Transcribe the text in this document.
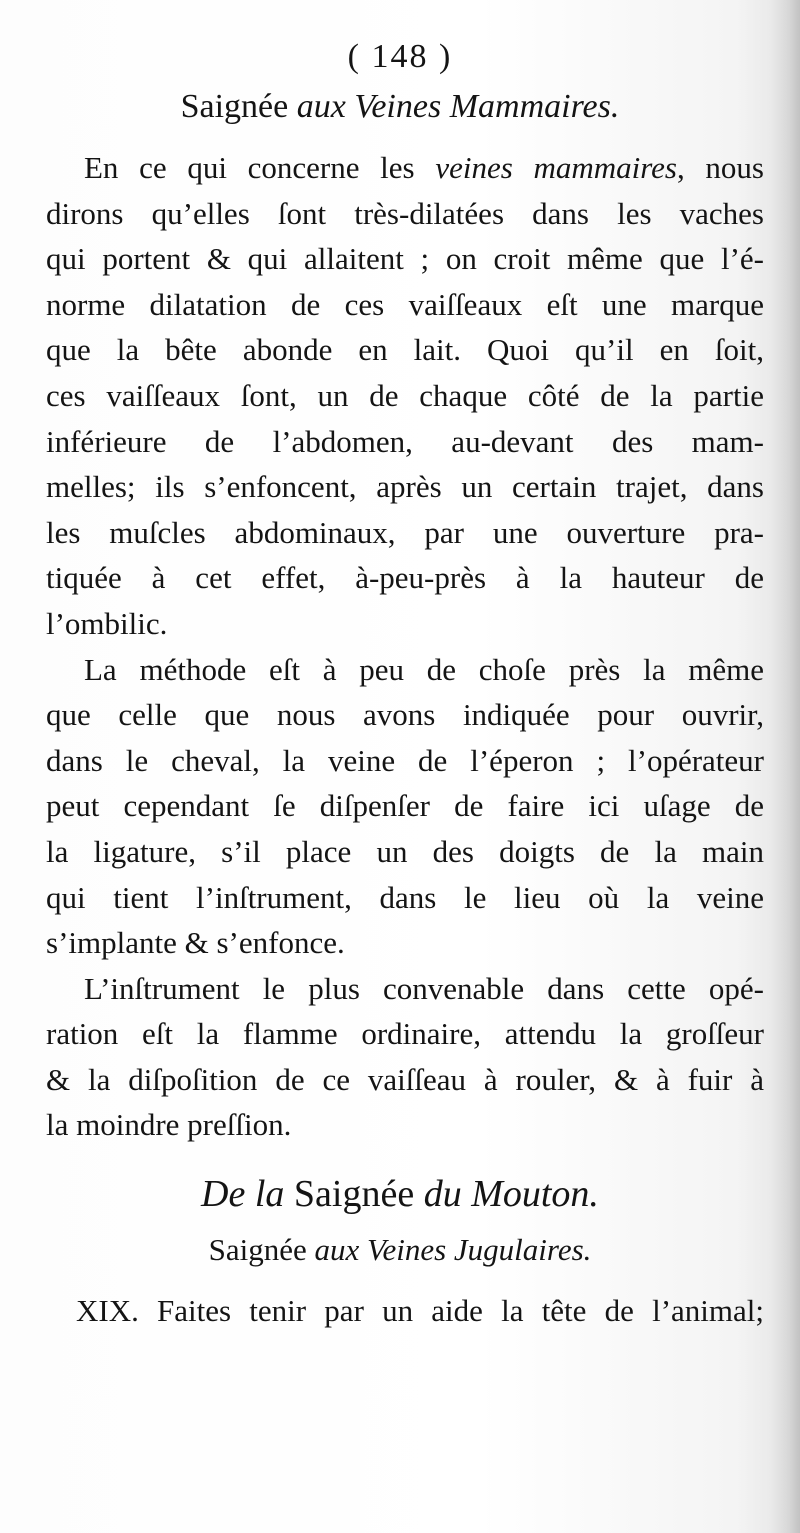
( 148 )
Saignée aux Veines Mammaires.
En ce qui concerne les veines mammaires, nous
dirons qu’elles ſont très-dilatées dans les vaches
qui portent & qui allaitent ; on croit même que l’é-
norme dilatation de ces vaiſſeaux eſt une marque
que la bête abonde en lait. Quoi qu’il en ſoit,
ces vaiſſeaux ſont, un de chaque côté de la partie
inférieure de l’abdomen, au-devant des mam-
melles; ils s’enfoncent, après un certain trajet, dans
les muſcles abdominaux, par une ouverture pra-
tiquée à cet effet, à-peu-près à la hauteur de
l’ombilic.
La méthode eſt à peu de choſe près la même
que celle que nous avons indiquée pour ouvrir,
dans le cheval, la veine de l’éperon ; l’opérateur
peut cependant ſe diſpenſer de faire ici uſage de
la ligature, s’il place un des doigts de la main
qui tient l’inſtrument, dans le lieu où la veine
s’implante & s’enfonce.
L’inſtrument le plus convenable dans cette opé-
ration eſt la flamme ordinaire, attendu la groſſeur
& la diſpoſition de ce vaiſſeau à rouler, & à fuir à
la moindre preſſion.
De la Saignée du Mouton.
Saignée aux Veines Jugulaires.
XIX. Faites tenir par un aide la tête de l’animal;
